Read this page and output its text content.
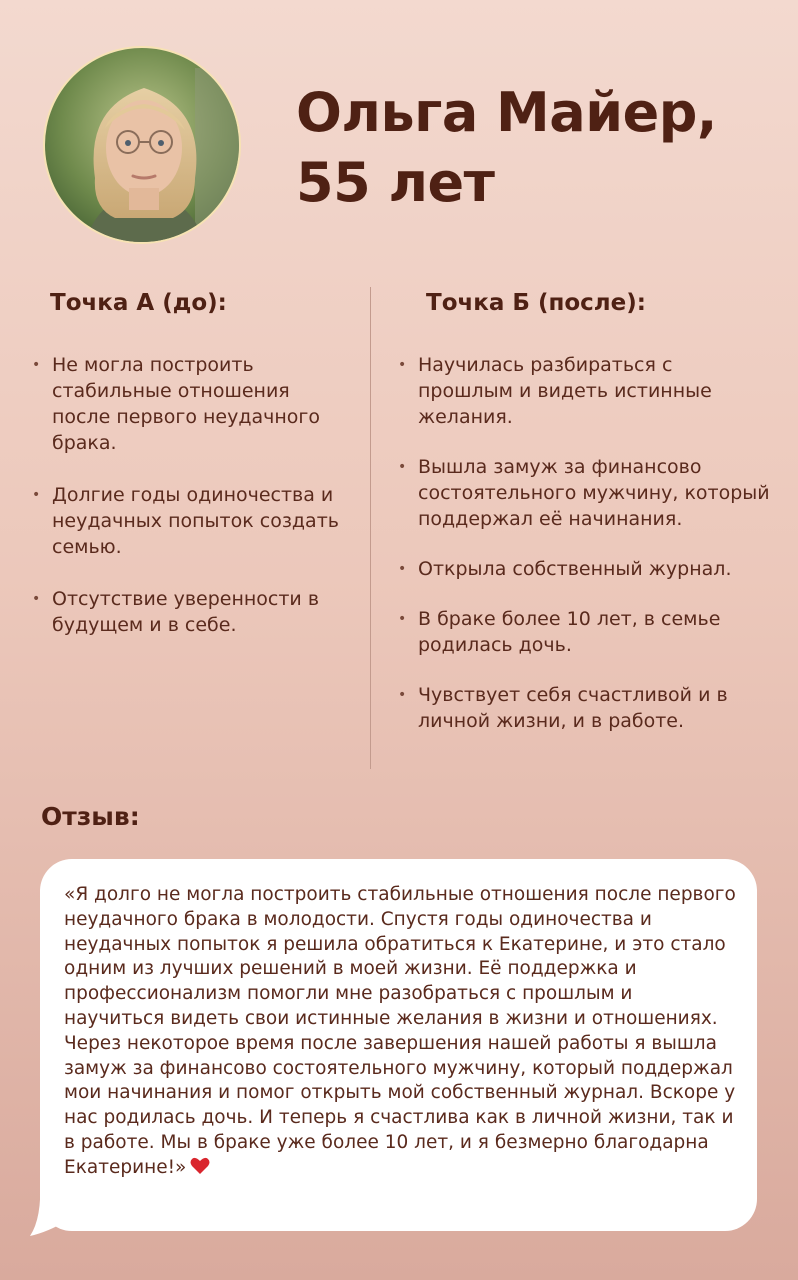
Ольга Майер,
55 лет
Точка А (до):	Точка Б (после):
• Не могла построить стабильные отношения после первого неудачного брака.
• Долгие годы одиночества и неудачных попыток создать семью.
• Отсутствие уверенности в будущем и в себе.
• Научилась разбираться с прошлым и видеть истинные желания.
• Вышла замуж за финансово состоятельного мужчину, который поддержал её начинания.
• Открыла собственный журнал.
• В браке более 10 лет, в семье родилась дочь.
• Чувствует себя счастливой и в личной жизни, и в работе.
Отзыв:
«Я долго не могла построить стабильные отношения после первого неудачного брака в молодости. Спустя годы одиночества и неудачных попыток я решила обратиться к Екатерине, и это стало одним из лучших решений в моей жизни. Её поддержка и профессионализм помогли мне разобраться с прошлым и научиться видеть свои истинные желания в жизни и отношениях. Через некоторое время после завершения нашей работы я вышла замуж за финансово состоятельного мужчину, который поддержал мои начинания и помог открыть мой собственный журнал. Вскоре у нас родилась дочь. И теперь я счастлива как в личной жизни, так и в работе. Мы в браке уже более 10 лет, и я безмерно благодарна Екатерине!»
